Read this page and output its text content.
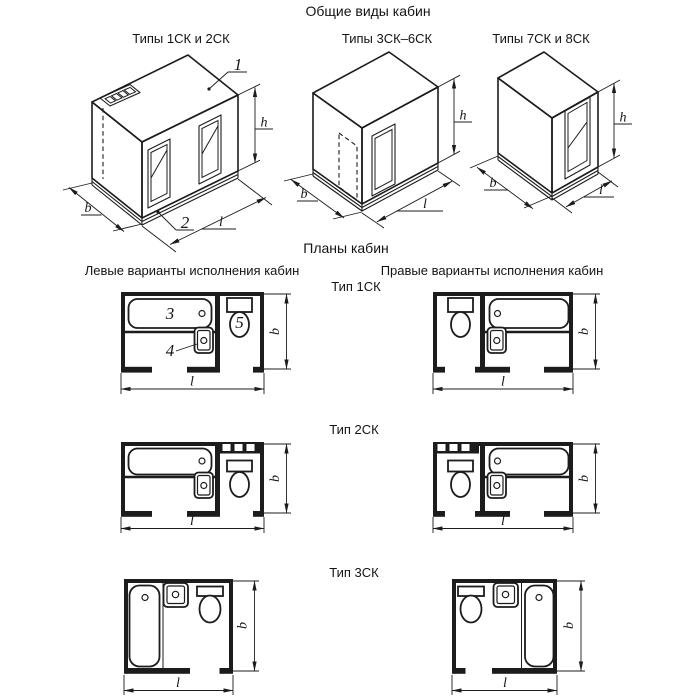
Общие виды кабин
Типы 1СК и 2СК	Типы 3СК–6СК	Типы 7СК и 8СК
Планы кабин
Левые варианты исполнения кабин	Правые варианты исполнения кабин
Тип 1СК
Тип 2СК
Тип 3СК
1
2
h
b
l
h
b
l
h
b	l
3
4
5 b
l
b
l
b
l
b
l
b
l
b
l
